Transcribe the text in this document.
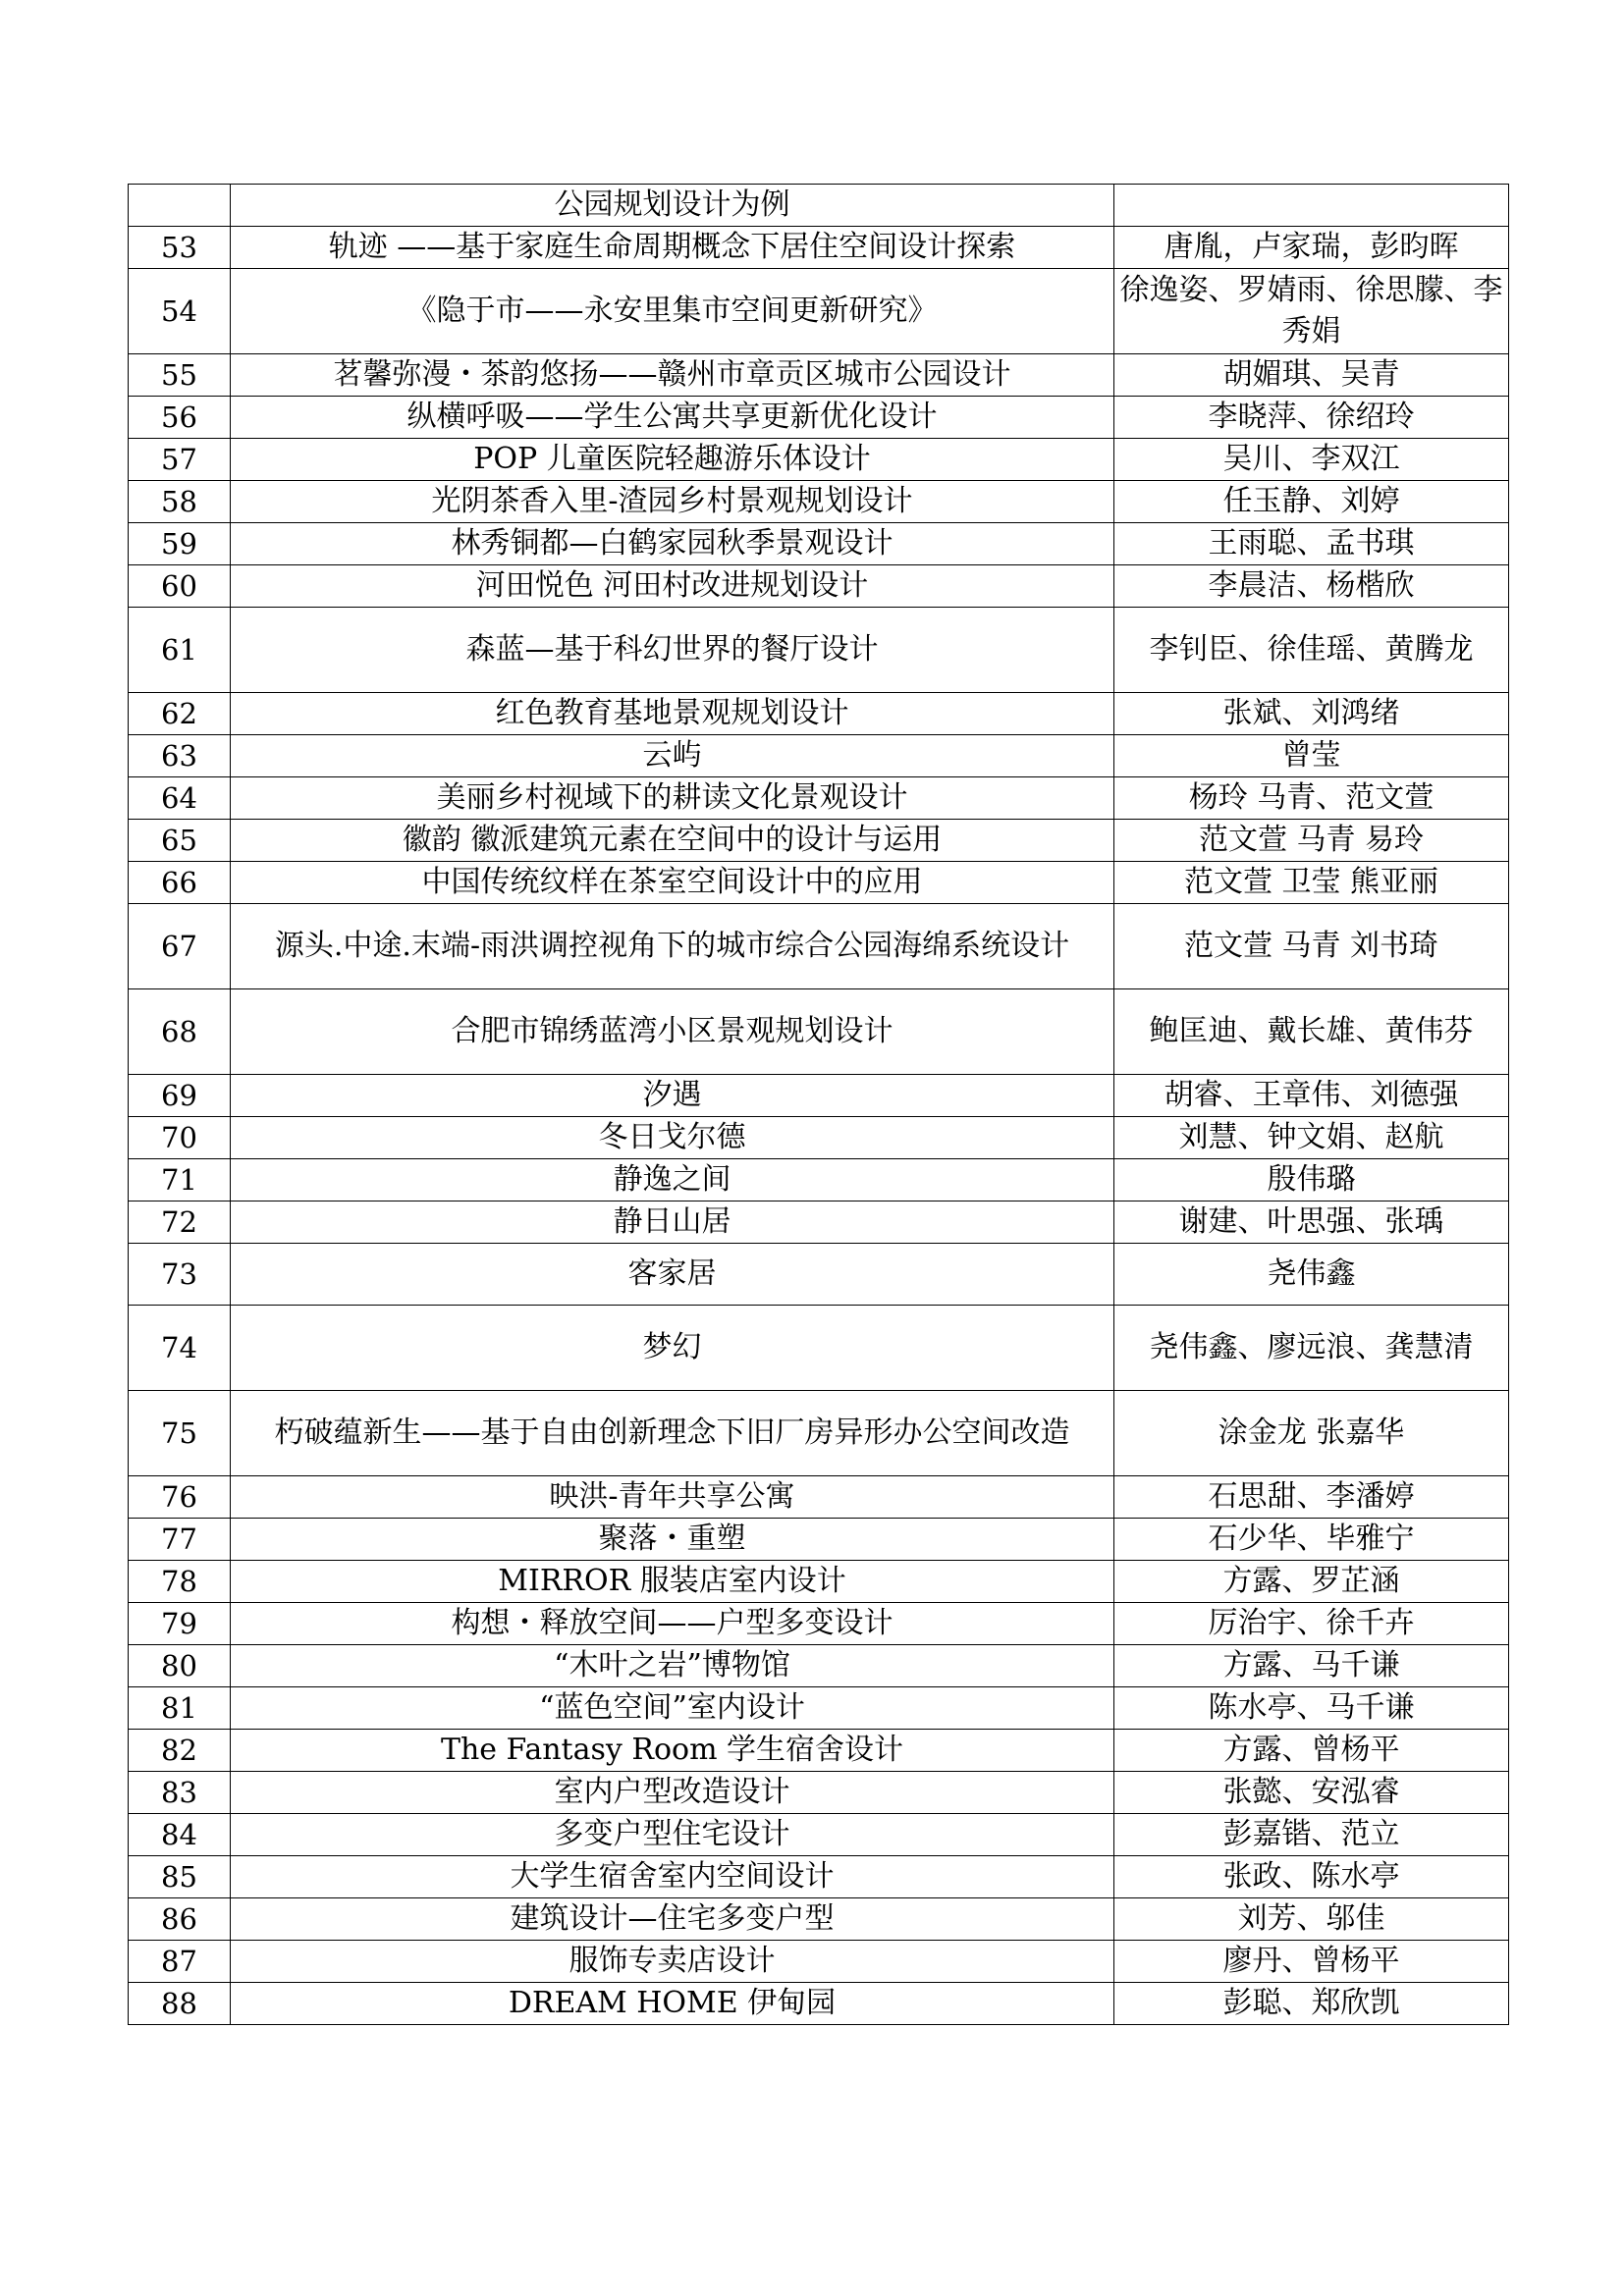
	公园规划设计为例	
53	轨迹 ——基于家庭生命周期概念下居住空间设计探索	唐胤，卢家瑞，彭昀晖
54	《隐于市——永安里集市空间更新研究》	徐逸姿、罗婧雨、徐思朦、李秀娟
55	茗馨弥漫・茶韵悠扬——赣州市章贡区城市公园设计	胡媚琪、吴青
56	纵横呼吸——学生公寓共享更新优化设计	李晓萍、徐绍玲
57	POP 儿童医院轻趣游乐体设计	吴川、李双江
58	光阴茶香入里-渣园乡村景观规划设计	任玉静、刘婷
59	林秀铜都—白鹤家园秋季景观设计	王雨聪、孟书琪
60	河田悦色 河田村改进规划设计	李晨洁、杨楷欣
61	森蓝—基于科幻世界的餐厅设计	李钊臣、徐佳瑶、黄腾龙
62	红色教育基地景观规划设计	张斌、刘鸿绪
63	云屿	曾莹
64	美丽乡村视域下的耕读文化景观设计	杨玲 马青、范文萱
65	徽韵 徽派建筑元素在空间中的设计与运用	范文萱 马青 易玲
66	中国传统纹样在茶室空间设计中的应用	范文萱 卫莹 熊亚丽
67	源头.中途.末端-雨洪调控视角下的城市综合公园海绵系统设计	范文萱 马青 刘书琦
68	合肥市锦绣蓝湾小区景观规划设计	鲍匡迪、戴长雄、黄伟芬
69	汐遇	胡睿、王章伟、刘德强
70	冬日戈尔德	刘慧、钟文娟、赵航
71	静逸之间	殷伟璐
72	静日山居	谢建、叶思强、张瑀
73	客家居	尧伟鑫
74	梦幻	尧伟鑫、廖远浪、龚慧清
75	朽破蕴新生——基于自由创新理念下旧厂房异形办公空间改造	涂金龙 张嘉华
76	映洪-青年共享公寓	石思甜、李潘婷
77	聚落・重塑	石少华、毕雅宁
78	MIRROR 服装店室内设计	方露、罗芷涵
79	构想・释放空间——户型多变设计	厉治宇、徐千卉
80	“木叶之岩”博物馆	方露、马千谦
81	“蓝色空间”室内设计	陈水亭、马千谦
82	The Fantasy Room 学生宿舍设计	方露、曾杨平
83	室内户型改造设计	张懿、安泓睿
84	多变户型住宅设计	彭嘉锴、范立
85	大学生宿舍室内空间设计	张政、陈水亭
86	建筑设计—住宅多变户型	刘芳、邬佳
87	服饰专卖店设计	廖丹、曾杨平
88	DREAM HOME 伊甸园	彭聪、郑欣凯
